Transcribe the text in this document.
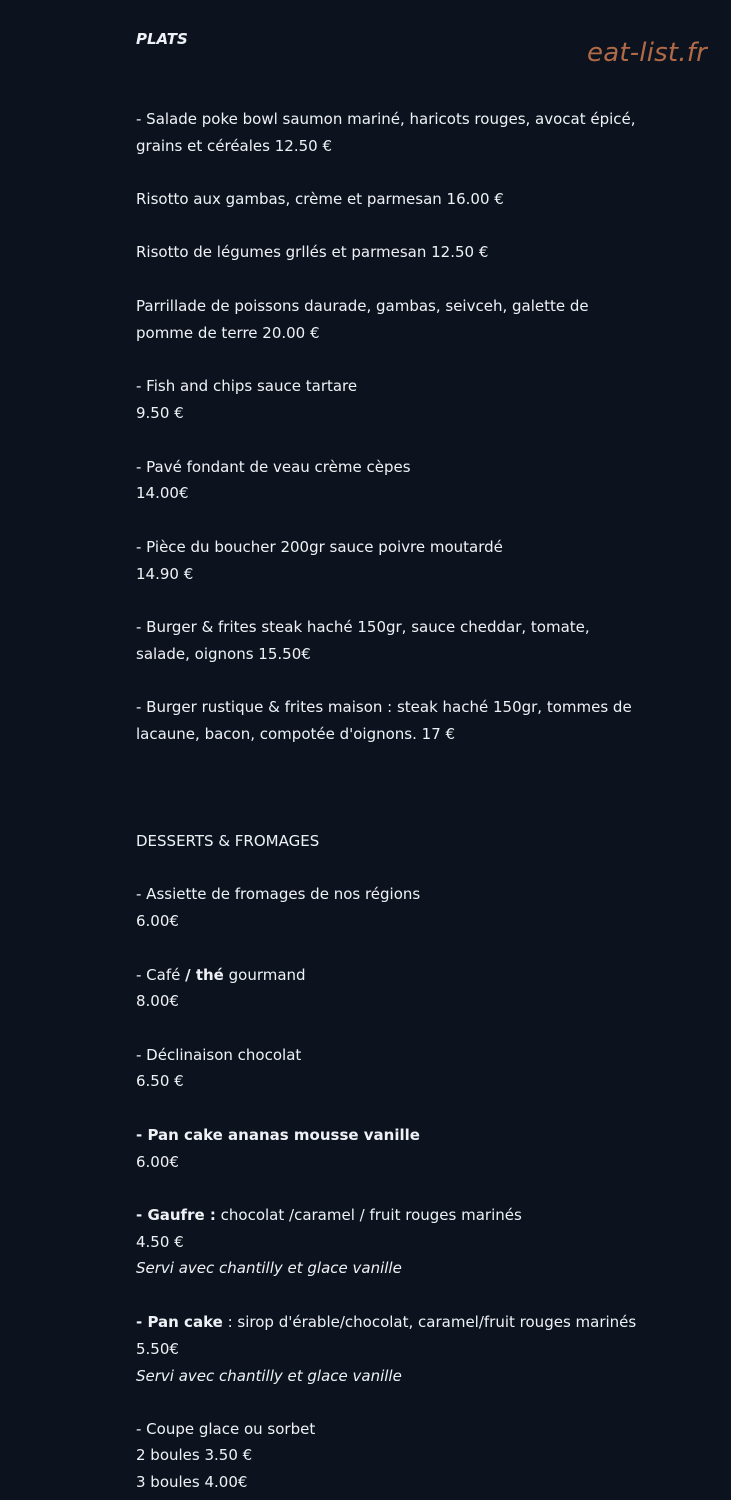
eat-list.fr
PLATS
- Salade poke bowl saumon mariné, haricots rouges, avocat épicé,
grains et céréales 12.50 €
Risotto aux gambas, crème et parmesan 16.00 €
Risotto de légumes grllés et parmesan 12.50 €
Parrillade de poissons daurade, gambas, seivceh, galette de
pomme de terre 20.00 €
- Fish and chips sauce tartare
9.50 €
- Pavé fondant de veau crème cèpes
14.00€
- Pièce du boucher 200gr sauce poivre moutardé
14.90 €
- Burger & frites steak haché 150gr, sauce cheddar, tomate,
salade, oignons 15.50€
- Burger rustique & frites maison : steak haché 150gr, tommes de
lacaune, bacon, compotée d'oignons. 17 €
DESSERTS & FROMAGES
- Assiette de fromages de nos régions
6.00€
- Café / thé gourmand
8.00€
- Déclinaison chocolat
6.50 €
- Pan cake ananas mousse vanille
6.00€
- Gaufre : chocolat /caramel / fruit rouges marinés
4.50 €
Servi avec chantilly et glace vanille
- Pan cake : sirop d'érable/chocolat, caramel/fruit rouges marinés
5.50€
Servi avec chantilly et glace vanille
- Coupe glace ou sorbet
2 boules 3.50 €
3 boules 4.00€
